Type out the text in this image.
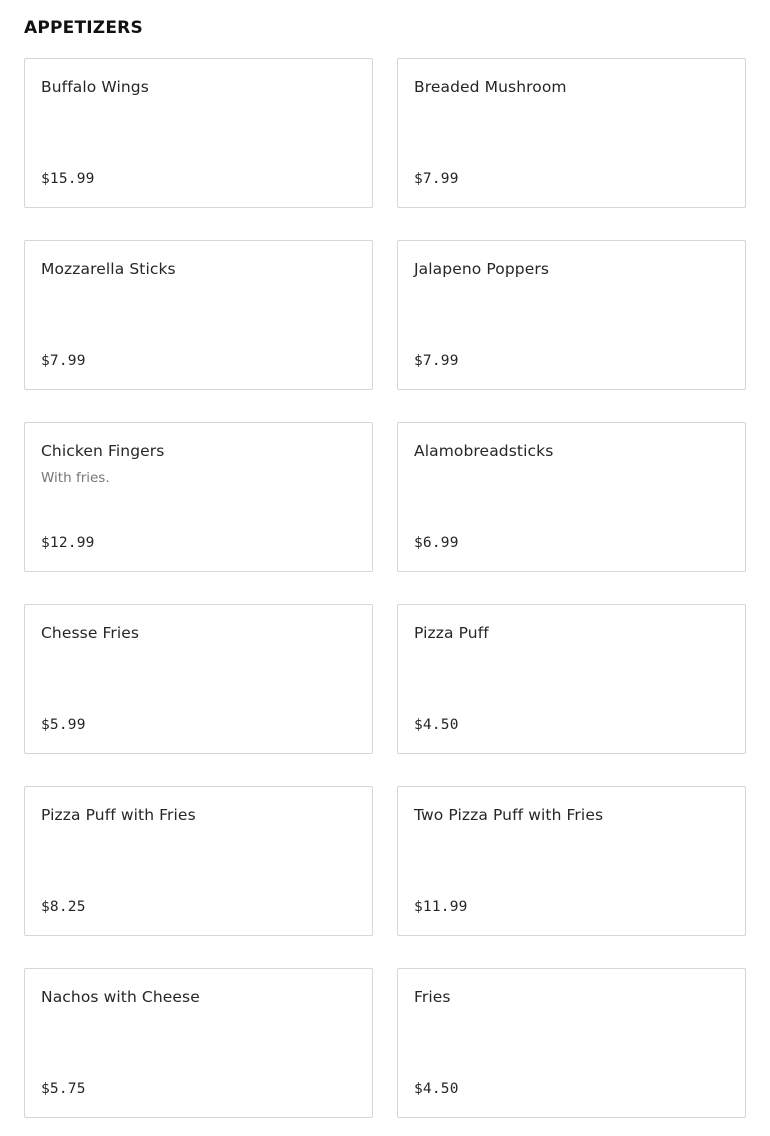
APPETIZERS
Buffalo Wings
$15.99
Breaded Mushroom
$7.99
Mozzarella Sticks
$7.99
Jalapeno Poppers
$7.99
Chicken Fingers
With fries.
$12.99
Alamobreadsticks
$6.99
Chesse Fries
$5.99
Pizza Puff
$4.50
Pizza Puff with Fries
$8.25
Two Pizza Puff with Fries
$11.99
Nachos with Cheese
$5.75
Fries
$4.50
